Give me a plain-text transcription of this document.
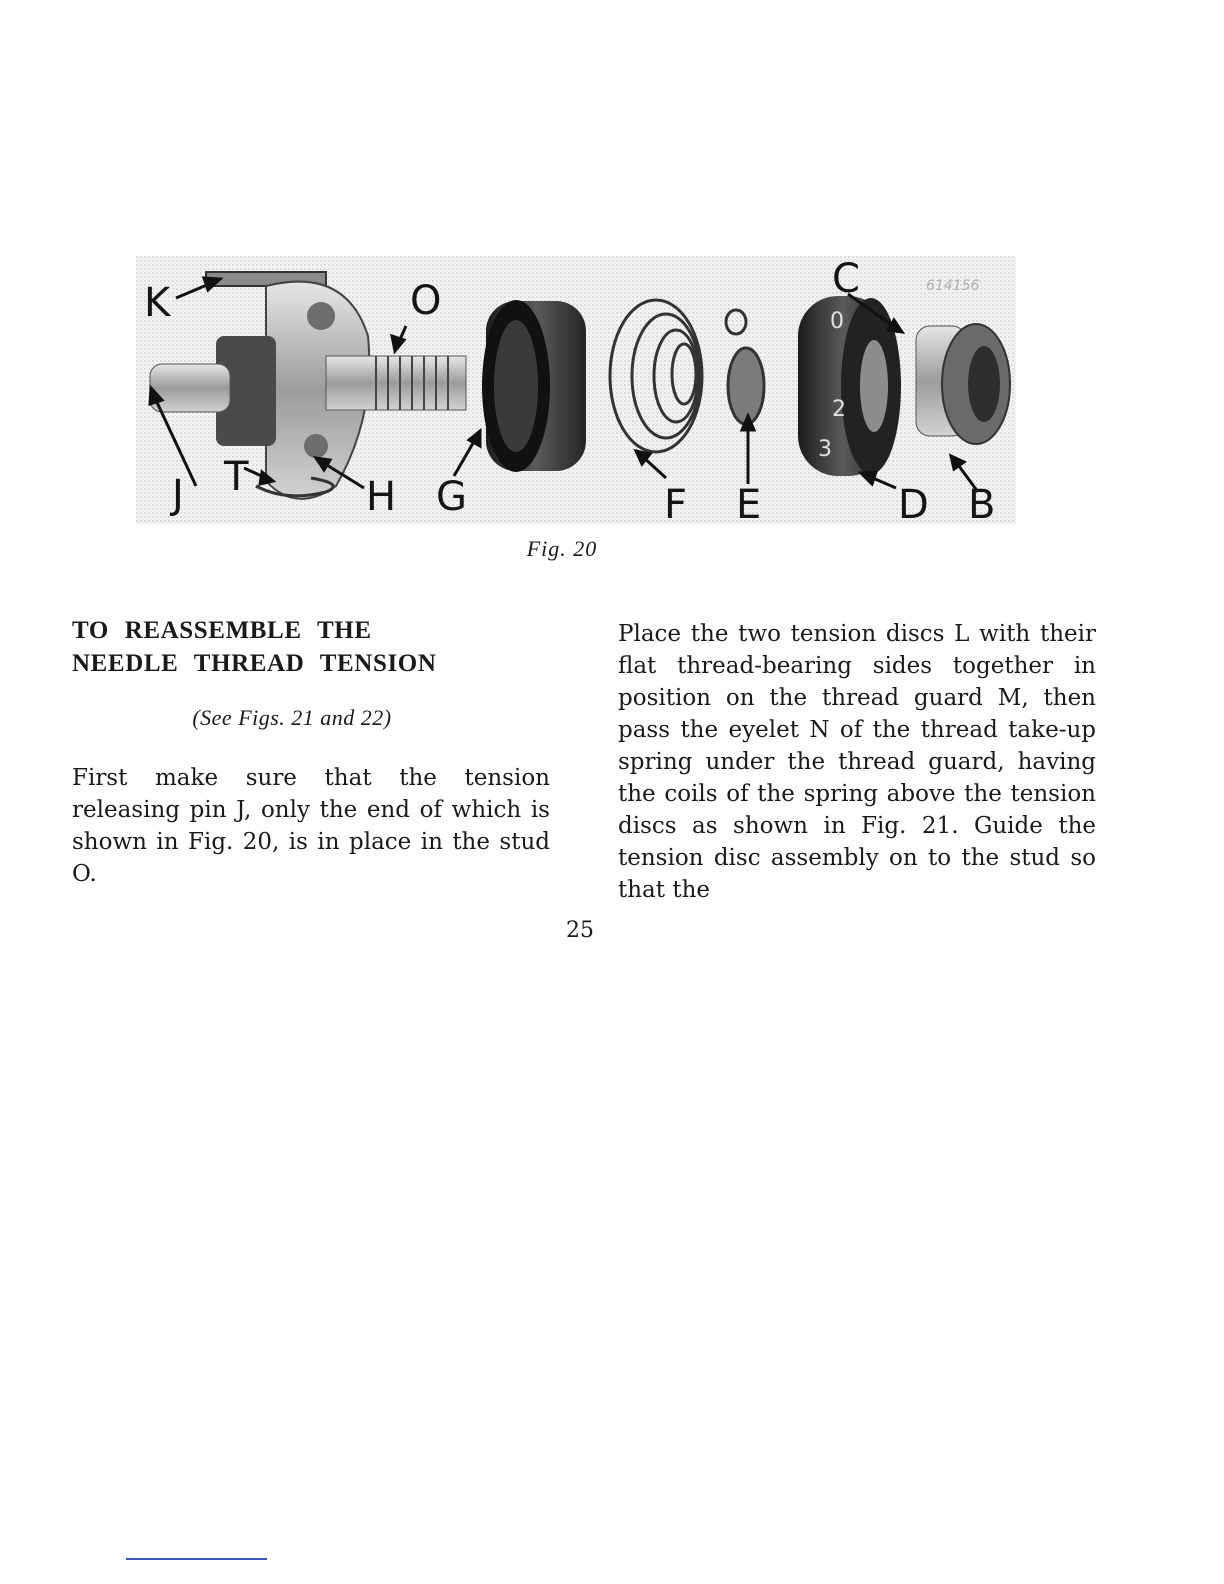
0
2
3
614156
K	O
J T	H G	F E
C
D B
Fig. 20
TO REASSEMBLE THE
NEEDLE THREAD TENSION

(See Figs. 21 and 22)

First make sure that the tension releasing pin J, only the end of which is shown in Fig. 20, is in place in the stud O.

Place the two tension discs L with their flat thread-bearing sides together in position on the thread guard M, then pass the eyelet N of the thread take-up spring under the thread guard, having the coils of the spring above the tension discs as shown in Fig. 21. Guide the tension disc assembly on to the stud so that the

25
